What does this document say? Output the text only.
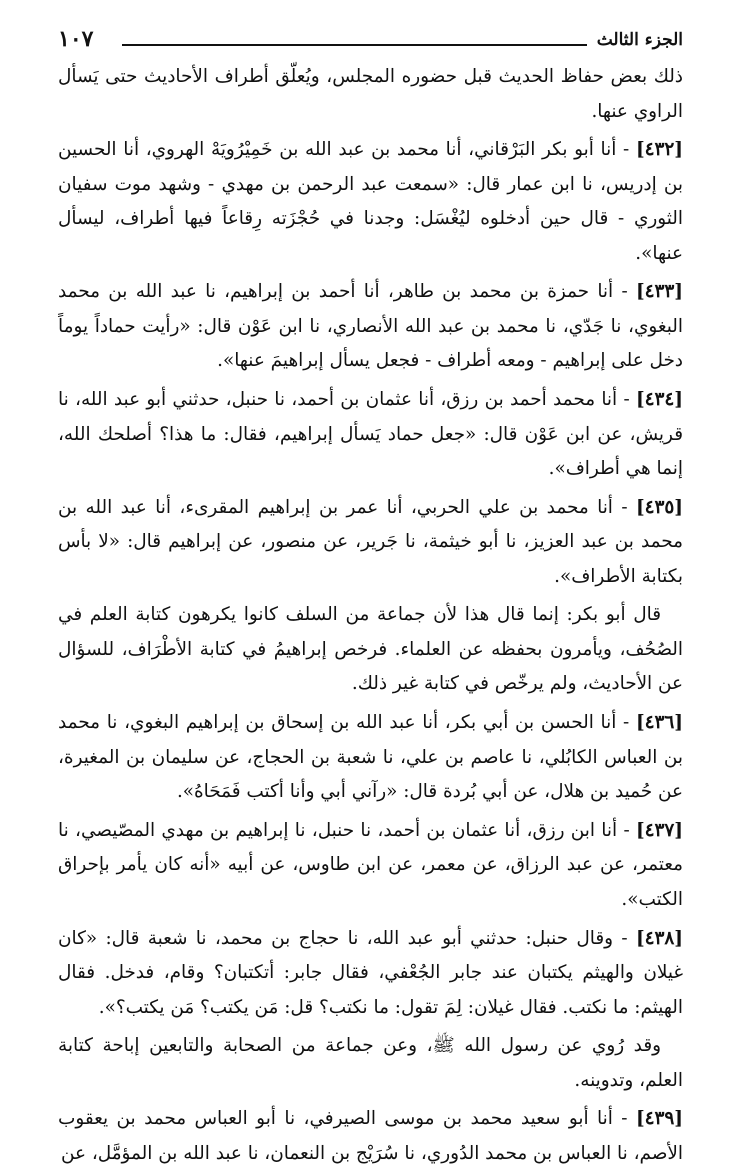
الجزء الثالث
١٠٧

ذلك بعض حفاظ الحديث قبل حضوره المجلس، ويُعلّق أطراف الأحاديث حتى يَسأل الراوي عنها.

[٤٣٢] - أنا أبو بكر البَرْقاني، أنا محمد بن عبد الله بن خَمِيْرُويَهْ الهروي، أنا الحسين بن إدريس، نا ابن عمار قال: «سمعت عبد الرحمن بن مهدي - وشهد موت سفيان الثوري - قال حين أدخلوه ليُغْسَل: وجدنا في حُجْزَته رِقاعاً فيها أطراف، ليسأل عنها».

[٤٣٣] - أنا حمزة بن محمد بن طاهر، أنا أحمد بن إبراهيم، نا عبد الله بن محمد البغوي، نا جَدّي، نا محمد بن عبد الله الأنصاري، نا ابن عَوْن قال: «رأيت حماداً يوماً دخل على إبراهيم - ومعه أطراف - فجعل يسأل إبراهيمَ عنها».

[٤٣٤] - أنا محمد أحمد بن رزق، أنا عثمان بن أحمد، نا حنبل، حدثني أبو عبد الله، نا قريش، عن ابن عَوْن قال: «جعل حماد يَسأل إبراهيم، فقال: ما هذا؟ أصلحك الله، إنما هي أطراف».

[٤٣٥] - أنا محمد بن علي الحربي، أنا عمر بن إبراهيم المقرىء، أنا عبد الله بن محمد بن عبد العزيز، نا أبو خيثمة، نا جَرير، عن منصور، عن إبراهيم قال: «لا بأس بكتابة الأطراف».

قال أبو بكر: إنما قال هذا لأن جماعة من السلف كانوا يكرهون كتابة العلم في الصُحُف، ويأمرون بحفظه عن العلماء. فرخص إبراهيمُ في كتابة الأطْرَاف، للسؤال عن الأحاديث، ولم يرخّص في كتابة غير ذلك.

[٤٣٦] - أنا الحسن بن أبي بكر، أنا عبد الله بن إسحاق بن إبراهيم البغوي، نا محمد بن العباس الكابُلي، نا عاصم بن علي، نا شعبة بن الحجاج، عن سليمان بن المغيرة، عن حُميد بن هلال، عن أبي بُردة قال: «رآني أبي وأنا أكتب فَمَحَاهُ».

[٤٣٧] - أنا ابن رزق، أنا عثمان بن أحمد، نا حنبل، نا إبراهيم بن مهدي المصّيصي، نا معتمر، عن عبد الرزاق، عن معمر، عن ابن طاوس، عن أبيه «أنه كان يأمر بإحراق الكتب».

[٤٣٨] - وقال حنبل: حدثني أبو عبد الله، نا حجاج بن محمد، نا شعبة قال: «كان غيلان والهيثم يكتبان عند جابر الجُعْفي، فقال جابر: أتكتبان؟ وقام، فدخل. فقال الهيثم: ما نكتب. فقال غيلان: لِمَ تقول: ما نكتب؟ قل: مَن يكتب؟ مَن يكتب؟».

وقد رُوي عن رسول الله ﷺ، وعن جماعة من الصحابة والتابعين إباحة كتابة العلم، وتدوينه.

[٤٣٩] - أنا أبو سعيد محمد بن موسى الصيرفي، نا أبو العباس محمد بن يعقوب الأصم، نا العباس بن محمد الدُوري، نا سُرَيْج بن النعمان، نا عبد الله بن المؤمَّل، عن
